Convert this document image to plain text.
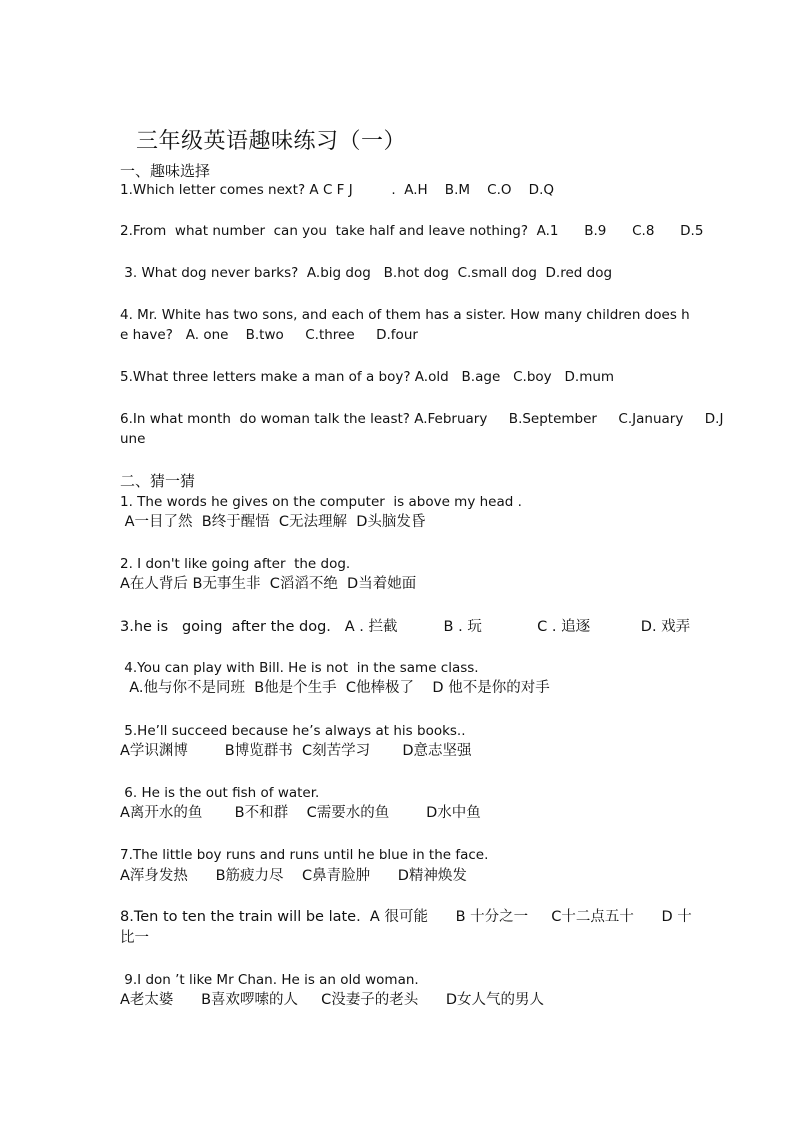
三年级英语趣味练习（一）
一、趣味选择
1.Which letter comes next? A C F J         .  A.H    B.M    C.O    D.Q
2.From  what number  can you  take half and leave nothing?  A.1      B.9      C.8      D.5
3. What dog never barks?  A.big dog   B.hot dog  C.small dog  D.red dog
4. Mr. White has two sons, and each of them has a sister. How many children does h
e have?   A. one    B.two     C.three     D.four
5.What three letters make a man of a boy? A.old   B.age   C.boy   D.mum
6.In what month  do woman talk the least? A.February     B.September     C.January     D.J
une
二、猜一猜
1. The words he gives on the computer  is above my head .
A一目了然  B终于醒悟  C无法理解  D头脑发昏
2. I don't like going after  the dog.
A在人背后 B无事生非  C滔滔不绝  D当着她面
3.he is   going  after the dog.   A . 拦截          B . 玩            C . 追逐           D. 戏弄
4.You can play with Bill. He is not  in the same class.
A.他与你不是同班  B他是个生手  C他棒极了    D 他不是你的对手
5.He’ll succeed because he’s always at his books..
A学识渊博        B博览群书  C刻苦学习       D意志坚强
6. He is the out fish of water.
A离开水的鱼       B不和群    C需要水的鱼        D水中鱼
7.The little boy runs and runs until he blue in the face.
A浑身发热      B筋疲力尽    C鼻青脸肿      D精神焕发
8.Ten to ten the train will be late.  A 很可能      B 十分之一     C十二点五十      D 十
比一
9.I don ’t like Mr Chan. He is an old woman.
A老太婆      B喜欢啰嗦的人     C没妻子的老头      D女人气的男人
